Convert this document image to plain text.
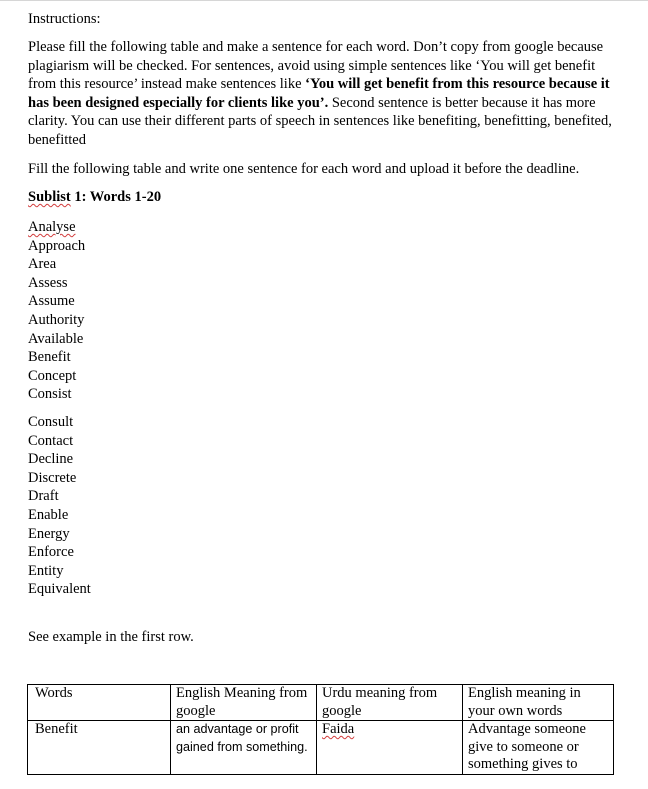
Instructions:

Please fill the following table and make a sentence for each word. Don’t copy from google because plagiarism will be checked. For sentences, avoid using simple sentences like ‘You will get benefit from this resource’ instead make sentences like ‘You will get benefit from this resource because it has been designed especially for clients like you’. Second sentence is better because it has more clarity. You can use their different parts of speech in sentences like benefiting, benefitting, benefited, benefitted

Fill the following table and write one sentence for each word and upload it before the deadline.

Sublist 1: Words 1-20

Analyse
Approach
Area
Assess
Assume
Authority
Available
Benefit
Concept
Consist
Consult
Contact
Decline
Discrete
Draft
Enable
Energy
Enforce
Entity
Equivalent

See example in the first row.

Words	English Meaning from google	Urdu meaning from google	English meaning in your own words
Benefit	an advantage or profit gained from something.	Faida	Advantage someone give to someone or something gives to
